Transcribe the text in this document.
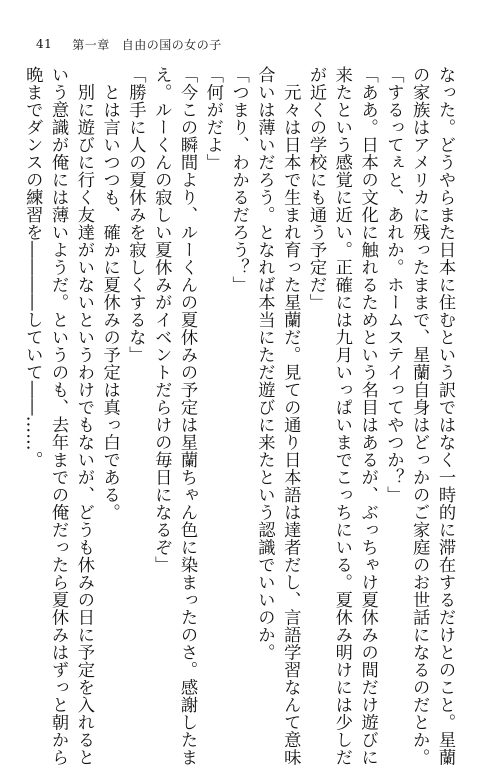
41 第一章 自由の国の女の子
なった。どうやらまた日本に住むという訳ではなく一時的に滞在するだけとのこと。星蘭
の家族はアメリカに残ったままで、星蘭自身はどっかのご家庭のお世話になるのだとか。
「するってぇと、あれか。ホームステイってやつか？」
「ああ。日本の文化に触れるためという名目はあるが、ぶっちゃけ夏休みの間だけ遊びに
来たという感覚に近い。正確には九月いっぱいまでこっちにいる。夏休み明けには少しだ
が近くの学校にも通う予定だ」
　元々は日本で生まれ育った星蘭だ。見ての通り日本語は達者だし、言語学習なんて意味
合いは薄いだろう。となれば本当にただ遊びに来たという認識でいいのか。
「つまり、わかるだろう？」
「何がだよ」
「今この瞬間より、ルーくんの夏休みの予定は星蘭ちゃん色に染まったのさ。感謝したま
え。ルーくんの寂しい夏休みがイベントだらけの毎日になるぞ」
「勝手に人の夏休みを寂しくするな」
　とは言いつつも、確かに夏休みの予定は真っ白である。
　別に遊びに行く友達がいないというわけでもないが、どうも休みの日に予定を入れると
いう意識が俺には薄いようだ。というのも、去年までの俺だったら夏休みはずっと朝から
晩までダンスの練習を――――していて――……。
